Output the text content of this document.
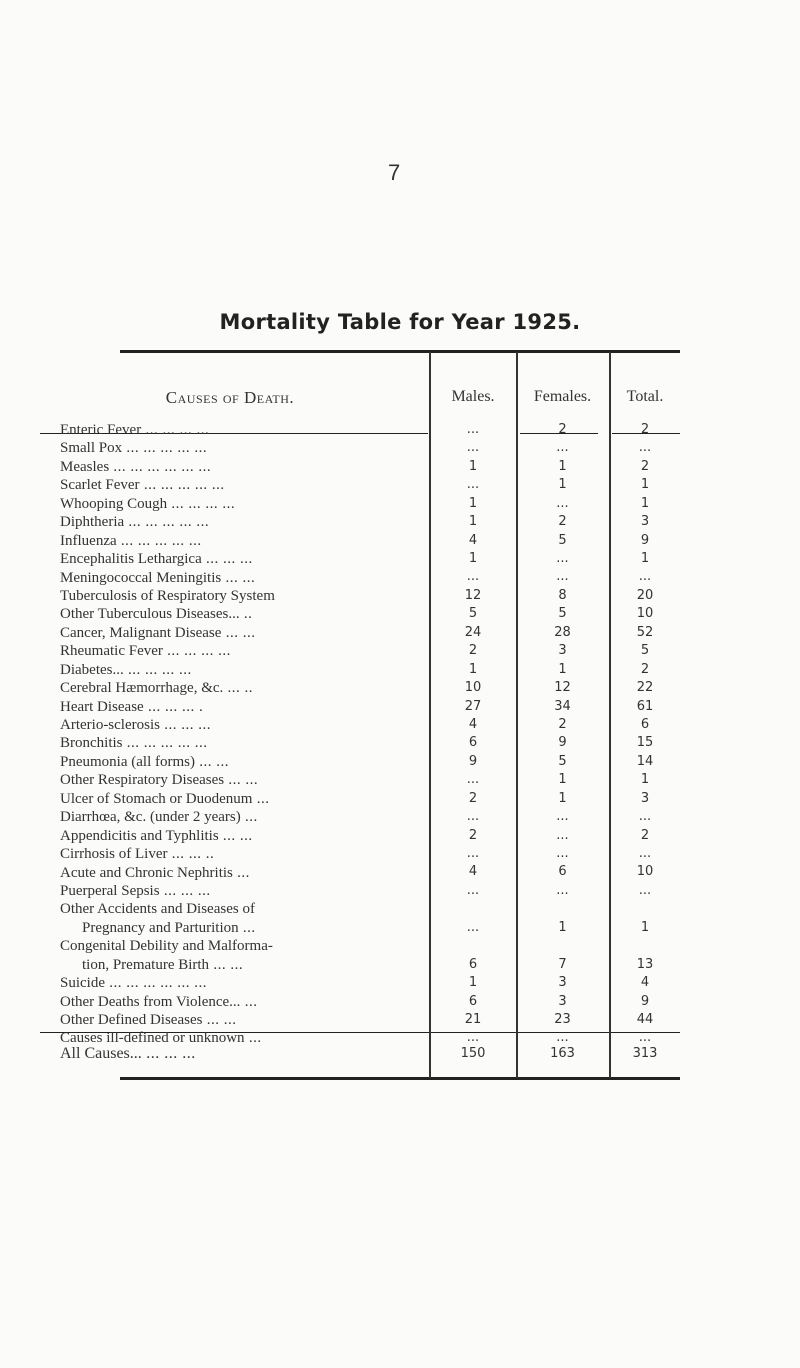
7
Mortality Table for Year 1925.
Causes of Death.	Males.	Females.	Total.
Enteric Fever ... ... ... ...	...	2	2
Small Pox ... ... ... ... ...	...	...	...
Measles ... ... ... ... ... ...	1	1	2
Scarlet Fever ... ... ... ... ...	...	1	1
Whooping Cough ... ... ... ...	1	...	1
Diphtheria ... ... ... ... ...	1	2	3
Influenza ... ... ... ... ...	4	5	9
Encephalitis Lethargica ... ... ...	1	...	1
Meningococcal Meningitis ... ...	...	...	...
Tuberculosis of Respiratory System	12	8	20
Other Tuberculous Diseases... ..	5	5	10
Cancer, Malignant Disease ... ...	24	28	52
Rheumatic Fever ... ... ... ...	2	3	5
Diabetes... ... ... ... ...	1	1	2
Cerebral Hæmorrhage, &c. ... ..	10	12	22
Heart Disease ... ... ... .	27	34	61
Arterio-sclerosis ... ... ...	4	2	6
Bronchitis ... ... ... ... ...	6	9	15
Pneumonia (all forms) ... ...	9	5	14
Other Respiratory Diseases ... ...	...	1	1
Ulcer of Stomach or Duodenum ...	2	1	3
Diarrhœa, &c. (under 2 years) ...	...	...	...
Appendicitis and Typhlitis ... ...	2	...	2
Cirrhosis of Liver ... ... ..	...	...	...
Acute and Chronic Nephritis ...	4	6	10
Puerperal Sepsis ... ... ...	...	...	...
Other Accidents and Diseases of
Pregnancy and Parturition ...	...	1	1
Congenital Debility and Malforma-
tion, Premature Birth ... ...	6	7	13
Suicide ... ... ... ... ... ...	1	3	4
Other Deaths from Violence... ...	6	3	9
Other Defined Diseases ... ...	21	23	44
Causes ill-defined or unknown ...	...	...	...
All Causes... ... ... ...	150	163	313
